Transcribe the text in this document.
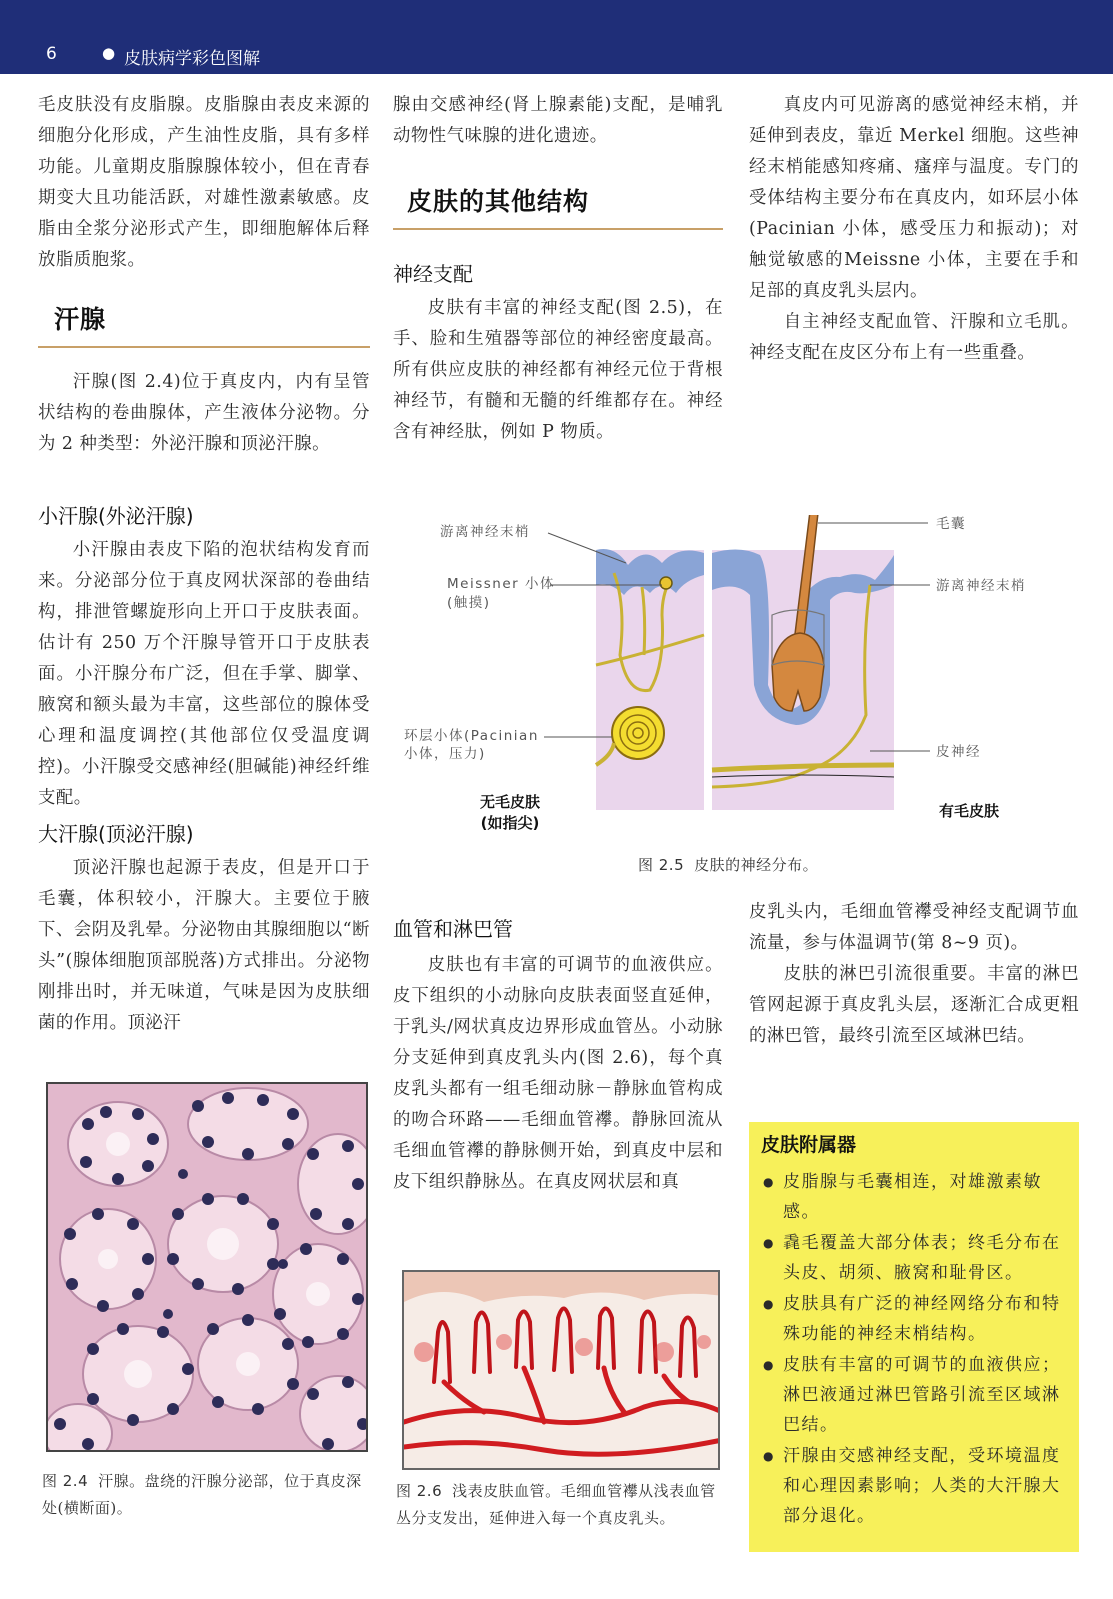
6	● 皮肤病学彩色图解

毛皮肤没有皮脂腺。皮脂腺由表皮来源的细胞分化形成，产生油性皮脂，具有多样功能。儿童期皮脂腺腺体较小，但在青春期变大且功能活跃，对雄性激素敏感。皮脂由全浆分泌形式产生，即细胞解体后释放脂质胞浆。

汗腺

汗腺(图 2.4)位于真皮内，内有呈管状结构的卷曲腺体，产生液体分泌物。分为 2 种类型：外泌汗腺和顶泌汗腺。

小汗腺(外泌汗腺)

小汗腺由表皮下陷的泡状结构发育而来。分泌部分位于真皮网状深部的卷曲结构，排泄管螺旋形向上开口于皮肤表面。估计有 250 万个汗腺导管开口于皮肤表面。小汗腺分布广泛，但在手掌、脚掌、腋窝和额头最为丰富，这些部位的腺体受心理和温度调控(其他部位仅受温度调控)。小汗腺受交感神经(胆碱能)神经纤维支配。

大汗腺(顶泌汗腺)

顶泌汗腺也起源于表皮，但是开口于毛囊，体积较小，汗腺大。主要位于腋下、会阴及乳晕。分泌物由其腺细胞以“断头”(腺体细胞顶部脱落)方式排出。分泌物刚排出时，并无味道，气味是因为皮肤细菌的作用。顶泌汗

图 2.4 汗腺。盘绕的汗腺分泌部，位于真皮深处(横断面)。

腺由交感神经(肾上腺素能)支配，是哺乳动物性气味腺的进化遗迹。

皮肤的其他结构
神经支配

皮肤有丰富的神经支配(图 2.5)，在手、脸和生殖器等部位的神经密度最高。所有供应皮肤的神经都有神经元位于背根神经节，有髓和无髓的纤维都存在。神经含有神经肽，例如 P 物质。

游离神经末梢
Meissner 小体
(触摸)
环层小体(Pacinian
小体，压力)
无毛皮肤
(如指尖)
毛囊
游离神经末梢
皮神经
有毛皮肤

图 2.5 皮肤的神经分布。

血管和淋巴管

皮肤也有丰富的可调节的血液供应。皮下组织的小动脉向皮肤表面竖直延伸，于乳头/网状真皮边界形成血管丛。小动脉分支延伸到真皮乳头内(图 2.6)，每个真皮乳头都有一组毛细动脉－静脉血管构成的吻合环路——毛细血管襻。静脉回流从毛细血管襻的静脉侧开始，到真皮中层和皮下组织静脉丛。在真皮网状层和真

图 2.6 浅表皮肤血管。毛细血管襻从浅表血管丛分支发出，延伸进入每一个真皮乳头。

真皮内可见游离的感觉神经末梢，并延伸到表皮，靠近 Merkel 细胞。这些神经末梢能感知疼痛、瘙痒与温度。专门的受体结构主要分布在真皮内，如环层小体(Pacinian 小体，感受压力和振动)；对触觉敏感的Meissne 小体，主要在手和足部的真皮乳头层内。

自主神经支配血管、汗腺和立毛肌。神经支配在皮区分布上有一些重叠。

皮乳头内，毛细血管襻受神经支配调节血流量，参与体温调节(第 8~9 页)。

皮肤的淋巴引流很重要。丰富的淋巴管网起源于真皮乳头层，逐渐汇合成更粗的淋巴管，最终引流至区域淋巴结。

皮肤附属器
● 皮脂腺与毛囊相连，对雄激素敏感。
● 毳毛覆盖大部分体表；终毛分布在头皮、胡须、腋窝和耻骨区。
● 皮肤具有广泛的神经网络分布和特殊功能的神经末梢结构。
● 皮肤有丰富的可调节的血液供应；淋巴液通过淋巴管路引流至区域淋巴结。
● 汗腺由交感神经支配，受环境温度和心理因素影响；人类的大汗腺大部分退化。
